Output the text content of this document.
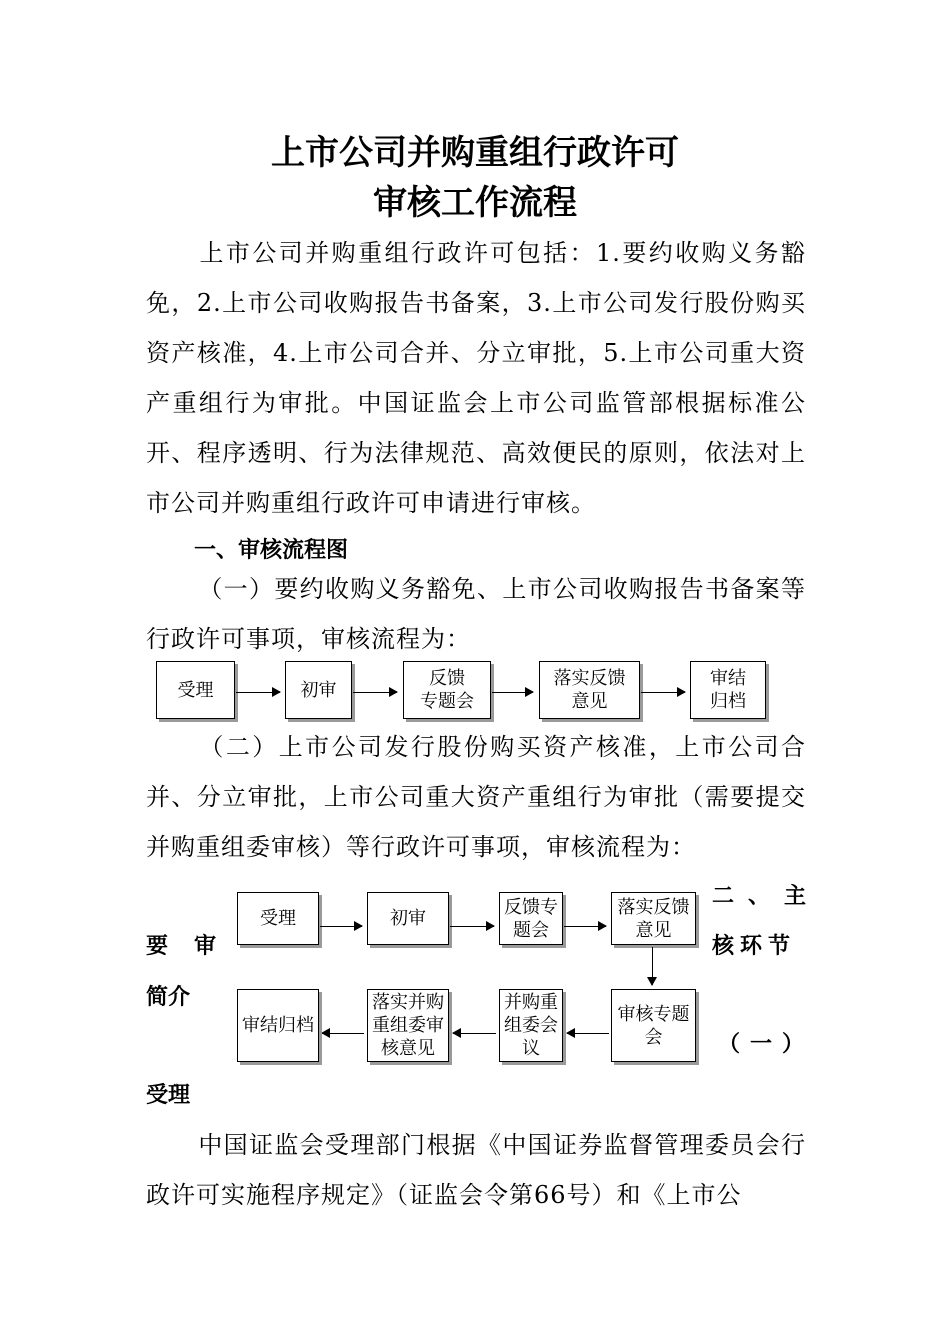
上市公司并购重组行政许可
审核工作流程
上市公司并购重组行政许可包括：1.要约收购义务豁免，2.上市公司收购报告书备案，3.上市公司发行股份购买资产核准，4.上市公司合并、分立审批，5.上市公司重大资产重组行为审批。中国证监会上市公司监管部根据标准公开、程序透明、行为法律规范、高效便民的原则，依法对上市公司并购重组行政许可申请进行审核。
一、审核流程图
（一）要约收购义务豁免、上市公司收购报告书备案等行政许可事项，审核流程为：
受理	初审
反馈
专题会
落实反馈
意见
审结
归档
（二）上市公司发行股份购买资产核准，上市公司合并、分立审批，上市公司重大资产重组行为审批（需要提交并购重组委审核）等行政许可事项，审核流程为：
受理	初审
反馈专
题会
落实反馈
意见
审核专题
会
并购重
组委会
议
落实并购
重组委审
核意见
审结归档
二、主
要　审	核环节
简介
（一）
受理
中国证监会受理部门根据《中国证券监督管理委员会行政许可实施程序规定》（证监会令第66号）和《上市公
